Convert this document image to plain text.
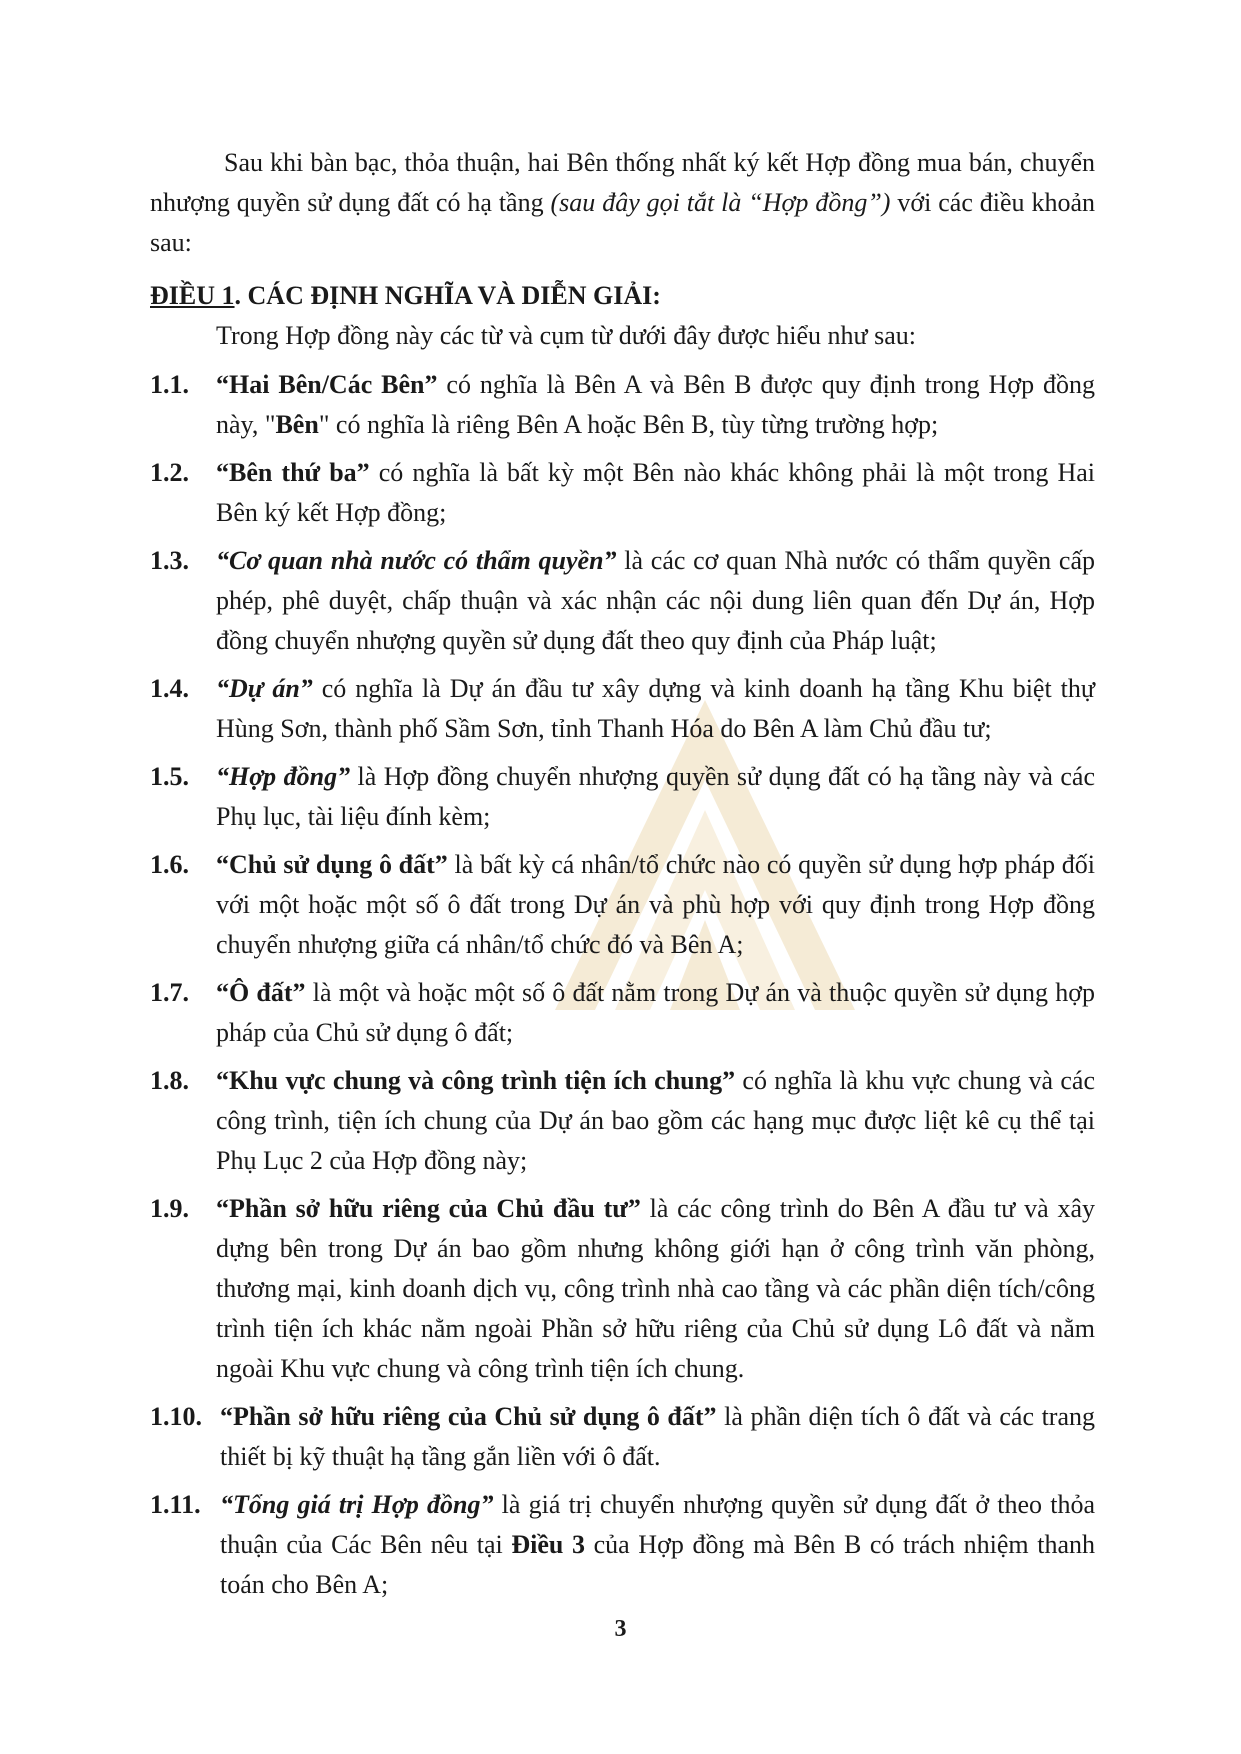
Sau khi bàn bạc, thỏa thuận, hai Bên thống nhất ký kết Hợp đồng mua bán, chuyển nhượng quyền sử dụng đất có hạ tầng (sau đây gọi tắt là “Hợp đồng”) với các điều khoản sau:

ĐIỀU 1. CÁC ĐỊNH NGHĨA VÀ DIỄN GIẢI:

Trong Hợp đồng này các từ và cụm từ dưới đây được hiểu như sau:

1.1. “Hai Bên/Các Bên” có nghĩa là Bên A và Bên B được quy định trong Hợp đồng này, "Bên" có nghĩa là riêng Bên A hoặc Bên B, tùy từng trường hợp;
1.2. “Bên thứ ba” có nghĩa là bất kỳ một Bên nào khác không phải là một trong Hai Bên ký kết Hợp đồng;
1.3. “Cơ quan nhà nước có thẩm quyền” là các cơ quan Nhà nước có thẩm quyền cấp phép, phê duyệt, chấp thuận và xác nhận các nội dung liên quan đến Dự án, Hợp đồng chuyển nhượng quyền sử dụng đất theo quy định của Pháp luật;
1.4. “Dự án” có nghĩa là Dự án đầu tư xây dựng và kinh doanh hạ tầng Khu biệt thự Hùng Sơn, thành phố Sầm Sơn, tỉnh Thanh Hóa do Bên A làm Chủ đầu tư;
1.5. “Hợp đồng” là Hợp đồng chuyển nhượng quyền sử dụng đất có hạ tầng này và các Phụ lục, tài liệu đính kèm;
1.6. “Chủ sử dụng ô đất” là bất kỳ cá nhân/tổ chức nào có quyền sử dụng hợp pháp đối với một hoặc một số ô đất trong Dự án và phù hợp với quy định trong Hợp đồng chuyển nhượng giữa cá nhân/tổ chức đó và Bên A;
1.7. “Ô đất” là một và hoặc một số ô đất nằm trong Dự án và thuộc quyền sử dụng hợp pháp của Chủ sử dụng ô đất;
1.8. “Khu vực chung và công trình tiện ích chung” có nghĩa là khu vực chung và các công trình, tiện ích chung của Dự án bao gồm các hạng mục được liệt kê cụ thể tại Phụ Lục 2 của Hợp đồng này;
1.9. “Phần sở hữu riêng của Chủ đầu tư” là các công trình do Bên A đầu tư và xây dựng bên trong Dự án bao gồm nhưng không giới hạn ở công trình văn phòng, thương mại, kinh doanh dịch vụ, công trình nhà cao tầng và các phần diện tích/công trình tiện ích khác nằm ngoài Phần sở hữu riêng của Chủ sử dụng Lô đất và nằm ngoài Khu vực chung và công trình tiện ích chung.
1.10. “Phần sở hữu riêng của Chủ sử dụng ô đất” là phần diện tích ô đất và các trang thiết bị kỹ thuật hạ tầng gắn liền với ô đất.
1.11. “Tổng giá trị Hợp đồng” là giá trị chuyển nhượng quyền sử dụng đất ở theo thỏa thuận của Các Bên nêu tại Điều 3 của Hợp đồng mà Bên B có trách nhiệm thanh toán cho Bên A;
3
